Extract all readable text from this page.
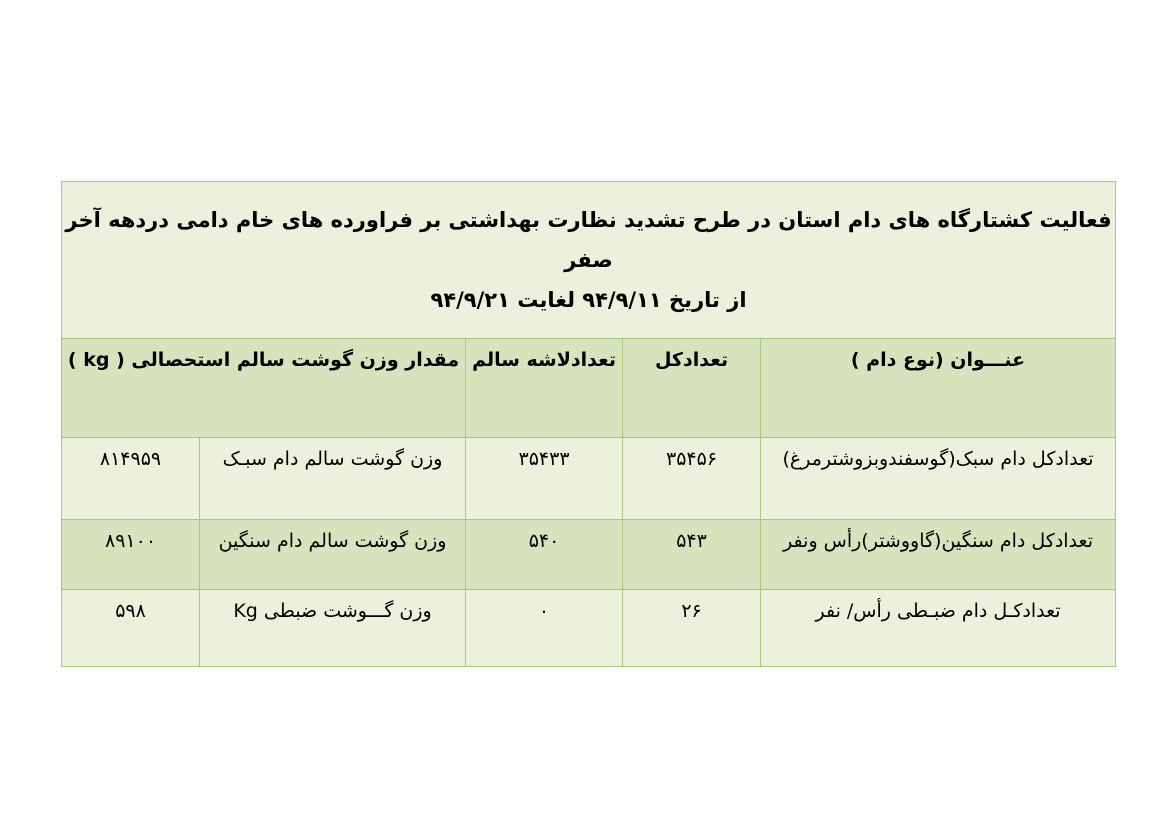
فعالیت کشتارگاه های دام استان در طرح تشدید نظارت بهداشتی بر فراورده های خام دامی دردهه آخر صفر
از تاریخ ۹۴/۹/۱۱ لغایت ۹۴/۹/۲۱				

عنـــوان (نوع دام )	تعدادکل	تعدادلاشه سالم	مقدار وزن گوشت سالم استحصالی ( kg )	
تعدادکل دام سبک(گوسفندوبزوشترمرغ)	۳۵۴۵۶	۳۵۴۳۳	وزن گوشت سالم دام سبـک	۸۱۴۹۵۹
تعدادکل دام سنگین(گاووشتر)رأس ونفر	۵۴۳	۵۴۰	وزن گوشت سالم دام سنگین	۸۹۱۰۰
تعدادکـل دام ضبـطی رأس/ نفر	۲۶	۰	وزن گـــوشت ضبطی Kg	۵۹۸
